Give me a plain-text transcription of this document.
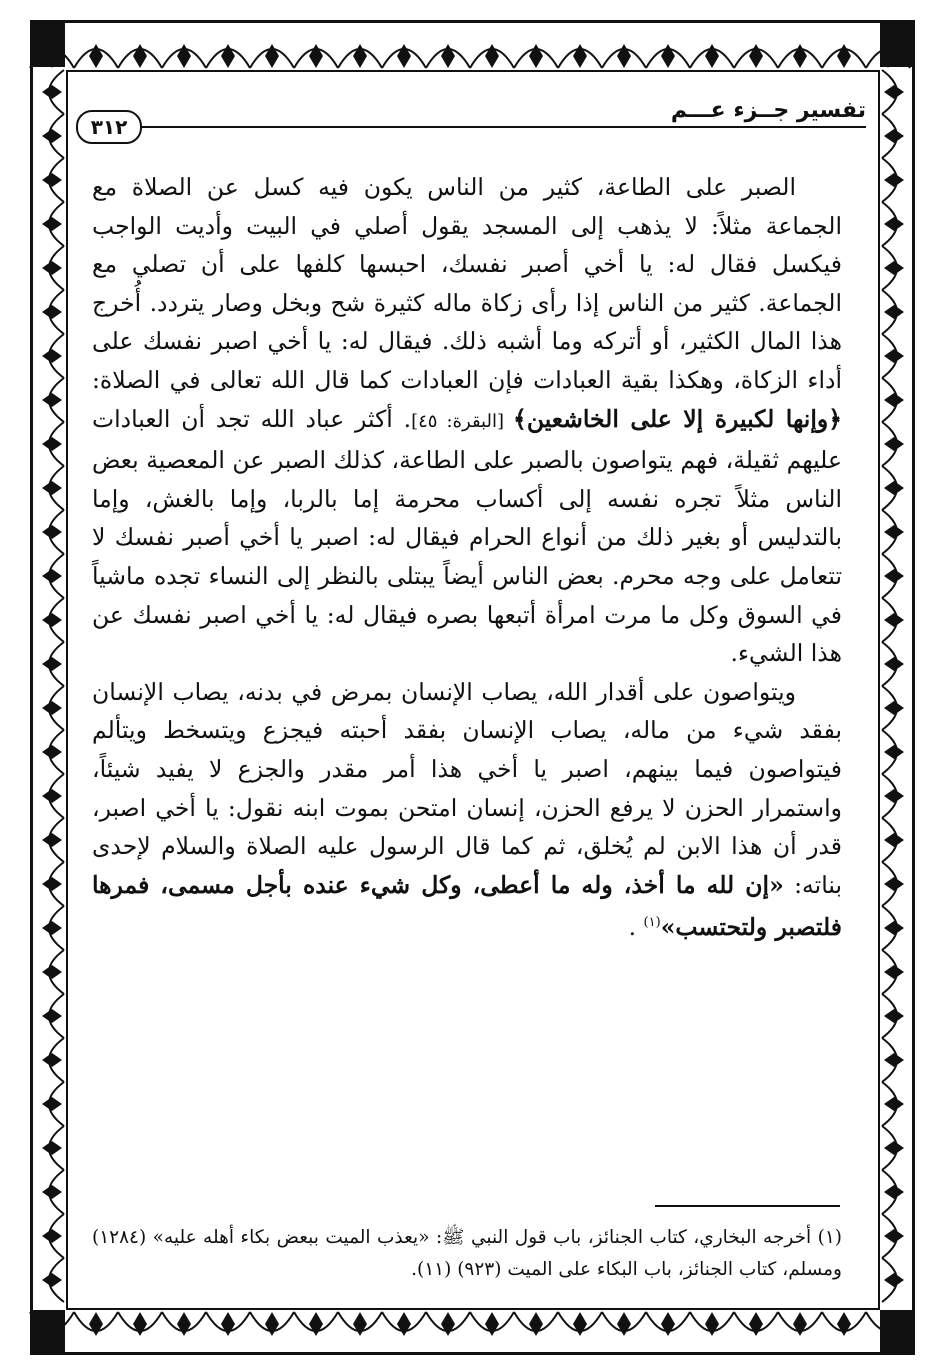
تفسير جــزء عـــم
٣١٢

الصبر على الطاعة، كثير من الناس يكون فيه كسل عن الصلاة مع الجماعة مثلاً: لا يذهب إلى المسجد يقول أصلي في البيت وأديت الواجب فيكسل فقال له: يا أخي أصبر نفسك، احبسها كلفها على أن تصلي مع الجماعة. كثير من الناس إذا رأى زكاة ماله كثيرة شح وبخل وصار يتردد. أُخرج هذا المال الكثير، أو أتركه وما أشبه ذلك. فيقال له: يا أخي اصبر نفسك على أداء الزكاة، وهكذا بقية العبادات فإن العبادات كما قال الله تعالى في الصلاة: ﴿وإنها لكبيرة إلا على الخاشعين﴾ [البقرة: ٤٥]. أكثر عباد الله تجد أن العبادات عليهم ثقيلة، فهم يتواصون بالصبر على الطاعة، كذلك الصبر عن المعصية بعض الناس مثلاً تجره نفسه إلى أكساب محرمة إما بالربا، وإما بالغش، وإما بالتدليس أو بغير ذلك من أنواع الحرام فيقال له: اصبر يا أخي أصبر نفسك لا تتعامل على وجه محرم. بعض الناس أيضاً يبتلى بالنظر إلى النساء تجده ماشياً في السوق وكل ما مرت امرأة أتبعها بصره فيقال له: يا أخي اصبر نفسك عن هذا الشيء.

ويتواصون على أقدار الله، يصاب الإنسان بمرض في بدنه، يصاب الإنسان بفقد شيء من ماله، يصاب الإنسان بفقد أحبته فيجزع ويتسخط ويتألم فيتواصون فيما بينهم، اصبر يا أخي هذا أمر مقدر والجزع لا يفيد شيئاً، واستمرار الحزن لا يرفع الحزن، إنسان امتحن بموت ابنه نقول: يا أخي اصبر، قدر أن هذا الابن لم يُخلق، ثم كما قال الرسول عليه الصلاة والسلام لإحدى بناته: «إن لله ما أخذ، وله ما أعطى، وكل شيء عنده بأجل مسمى، فمرها فلتصبر ولتحتسب»$^{(١)}$ .

(١) أخرجه البخاري، كتاب الجنائز، باب قول النبي ﷺ: «يعذب الميت ببعض بكاء أهله عليه» (١٢٨٤) ومسلم، كتاب الجنائز، باب البكاء على الميت (٩٢٣) (١١).
